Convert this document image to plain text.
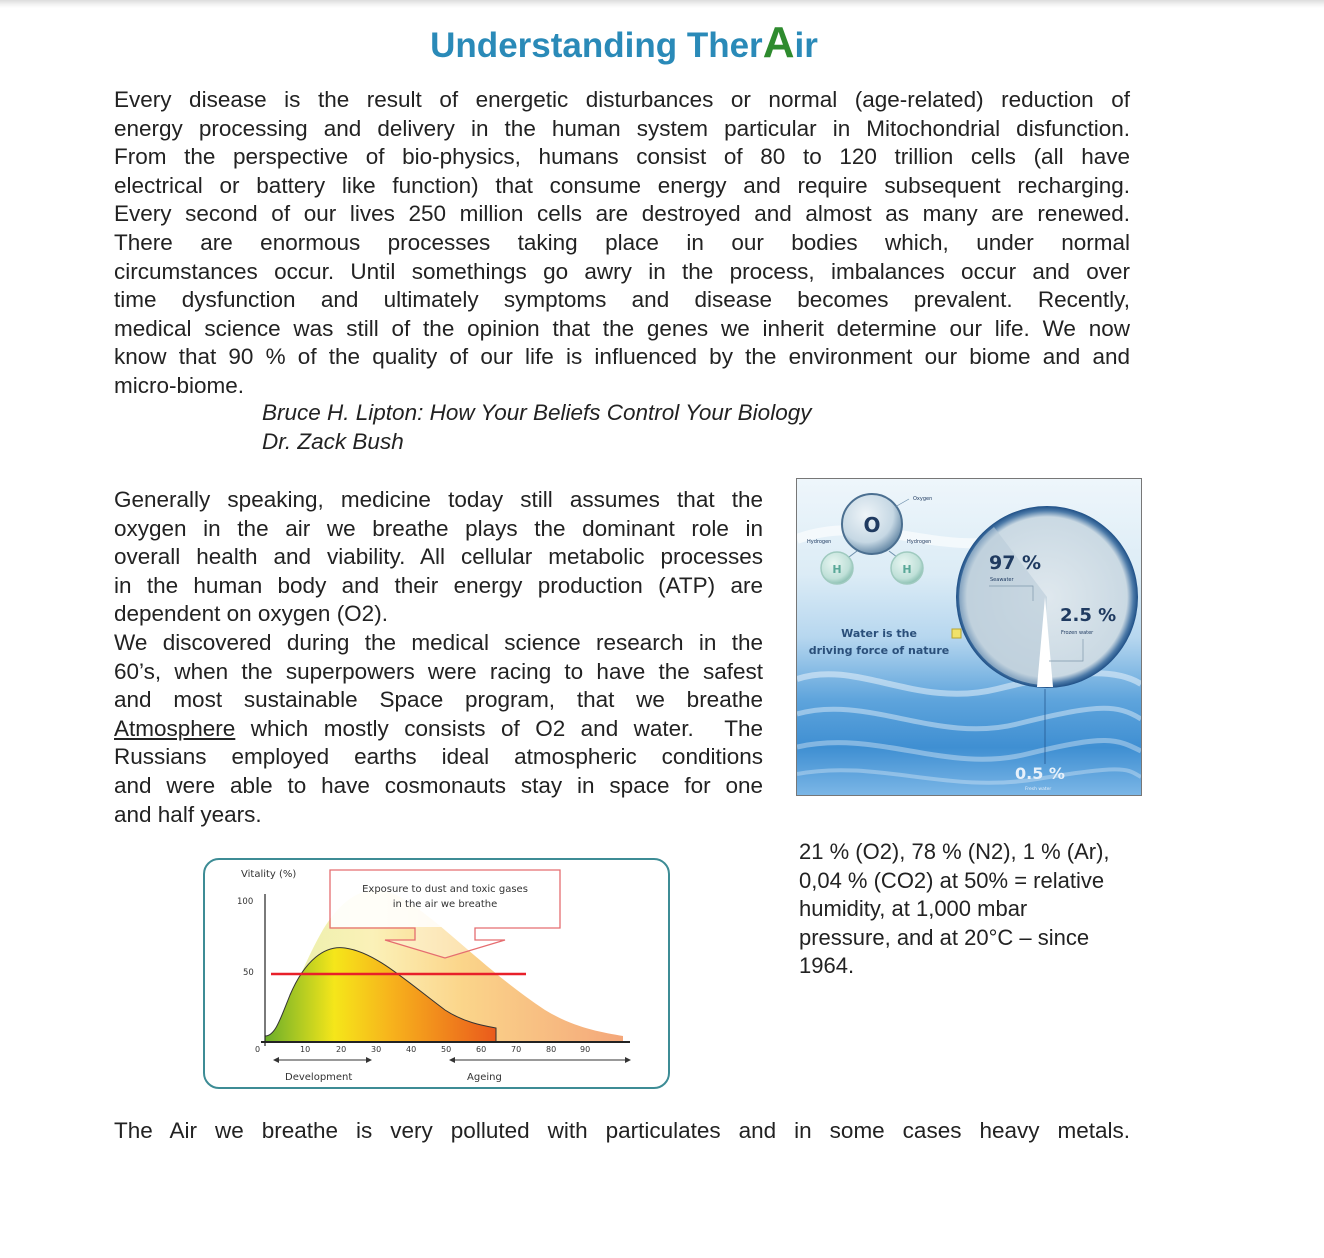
Understanding TherAir
Every disease is the result of energetic disturbances or normal (age-related) reduction of
energy processing and delivery in the human system particular in Mitochondrial disfunction.
From the perspective of bio-physics, humans consist of 80 to 120 trillion cells (all have
electrical or battery like function) that consume energy and require subsequent recharging.
Every second of our lives 250 million cells are destroyed and almost as many are renewed.
There are enormous processes taking place in our bodies which, under normal
circumstances occur. Until somethings go awry in the process, imbalances occur and over
time dysfunction and ultimately symptoms and disease becomes prevalent. Recently,
medical science was still of the opinion that the genes we inherit determine our life. We now
know that 90 % of the quality of our life is influenced by the environment our biome and and
micro-biome.
Bruce H. Lipton: How Your Beliefs Control Your Biology
Dr. Zack Bush
Generally speaking, medicine today still assumes that the
oxygen in the air we breathe plays the dominant role in
overall health and viability. All cellular metabolic processes
in the human body and their energy production (ATP) are
dependent on oxygen (O2).
We discovered during the medical science research in the
60’s, when the superpowers were racing to have the safest
and most sustainable Space program, that we breathe
Atmosphere which mostly consists of O2 and water.  The
Russians employed earths ideal atmospheric conditions
and were able to have cosmonauts stay in space for one
and half years.
O
Oxygen
H
Hydrogen
H
Hydrogen
Water is the
driving force of nature
97 %
Seawater
2.5 %
Frozen water
0.5 %
Fresh water
21 % (O2), 78 % (N2), 1 % (Ar),
0,04 % (CO2) at 50% = relative
humidity, at 1,000 mbar
pressure, and at 20°C – since
1964.
Vitality (%)
100
50
0	10	20	30	40	50	60	70	80	90
Development	Ageing
Exposure to dust and toxic gases
in the air we breathe
The Air we breathe is very polluted with particulates and in some cases heavy metals.
